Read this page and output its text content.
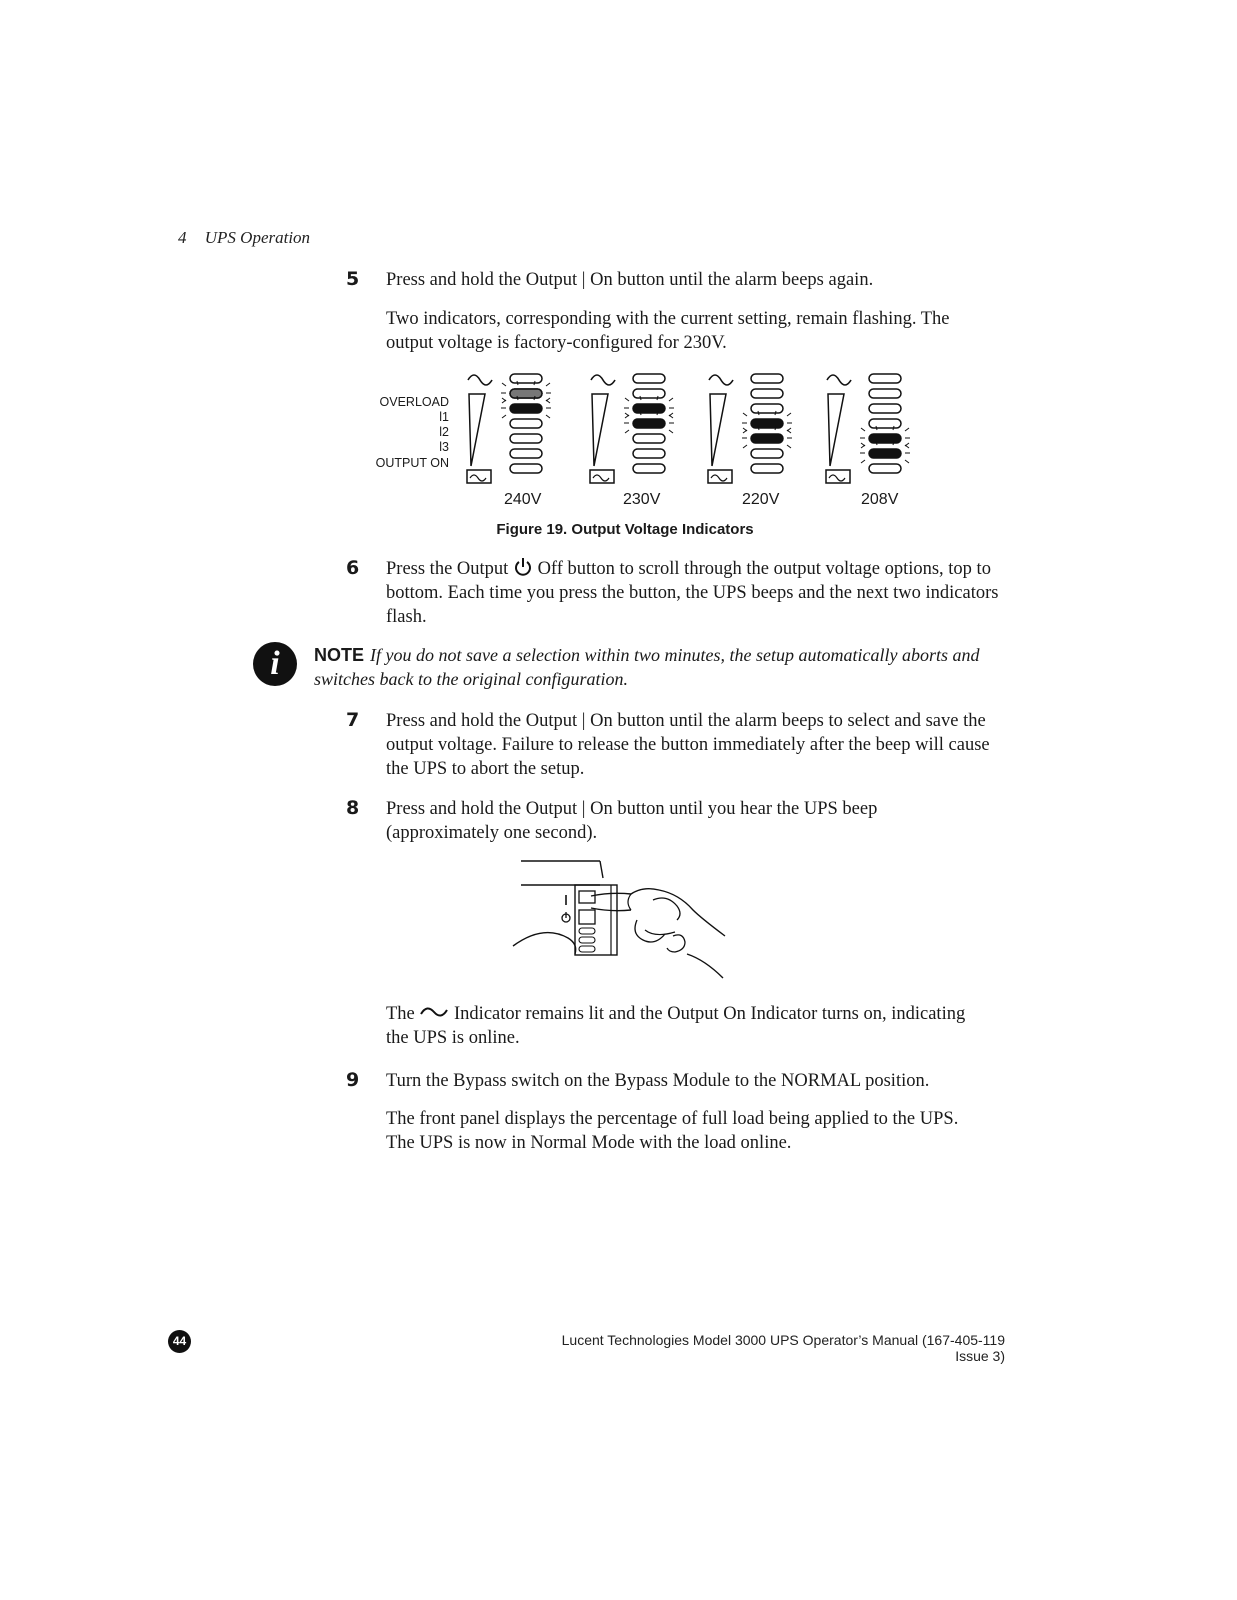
4 UPS Operation
5	Press and hold the Output | On button until the alarm beeps again.
Two indicators, corresponding with the current setting, remain flashing. The output voltage is factory-configured for 230V.
OVERLOAD
l1
l2
l3
OUTPUT ON
240V	230V	220V	208V
Figure 19. Output Voltage Indicators
6	Press the Output Off button to scroll through the output voltage options, top to bottom. Each time you press the button, the UPS beeps and the next two indicators flash.
i	NOTE If you do not save a selection within two minutes, the setup automatically aborts and switches back to the original configuration.
7	Press and hold the Output | On button until the alarm beeps to select and save the output voltage. Failure to release the button immediately after the beep will cause the UPS to abort the setup.
8	Press and hold the Output | On button until you hear the UPS beep (approximately one second).
The Indicator remains lit and the Output On Indicator turns on, indicating the UPS is online.
9	Turn the Bypass switch on the Bypass Module to the NORMAL position.
The front panel displays the percentage of full load being applied to the UPS. The UPS is now in Normal Mode with the load online.
44	Lucent Technologies Model 3000 UPS Operator’s Manual (167-405-119 Issue 3)
